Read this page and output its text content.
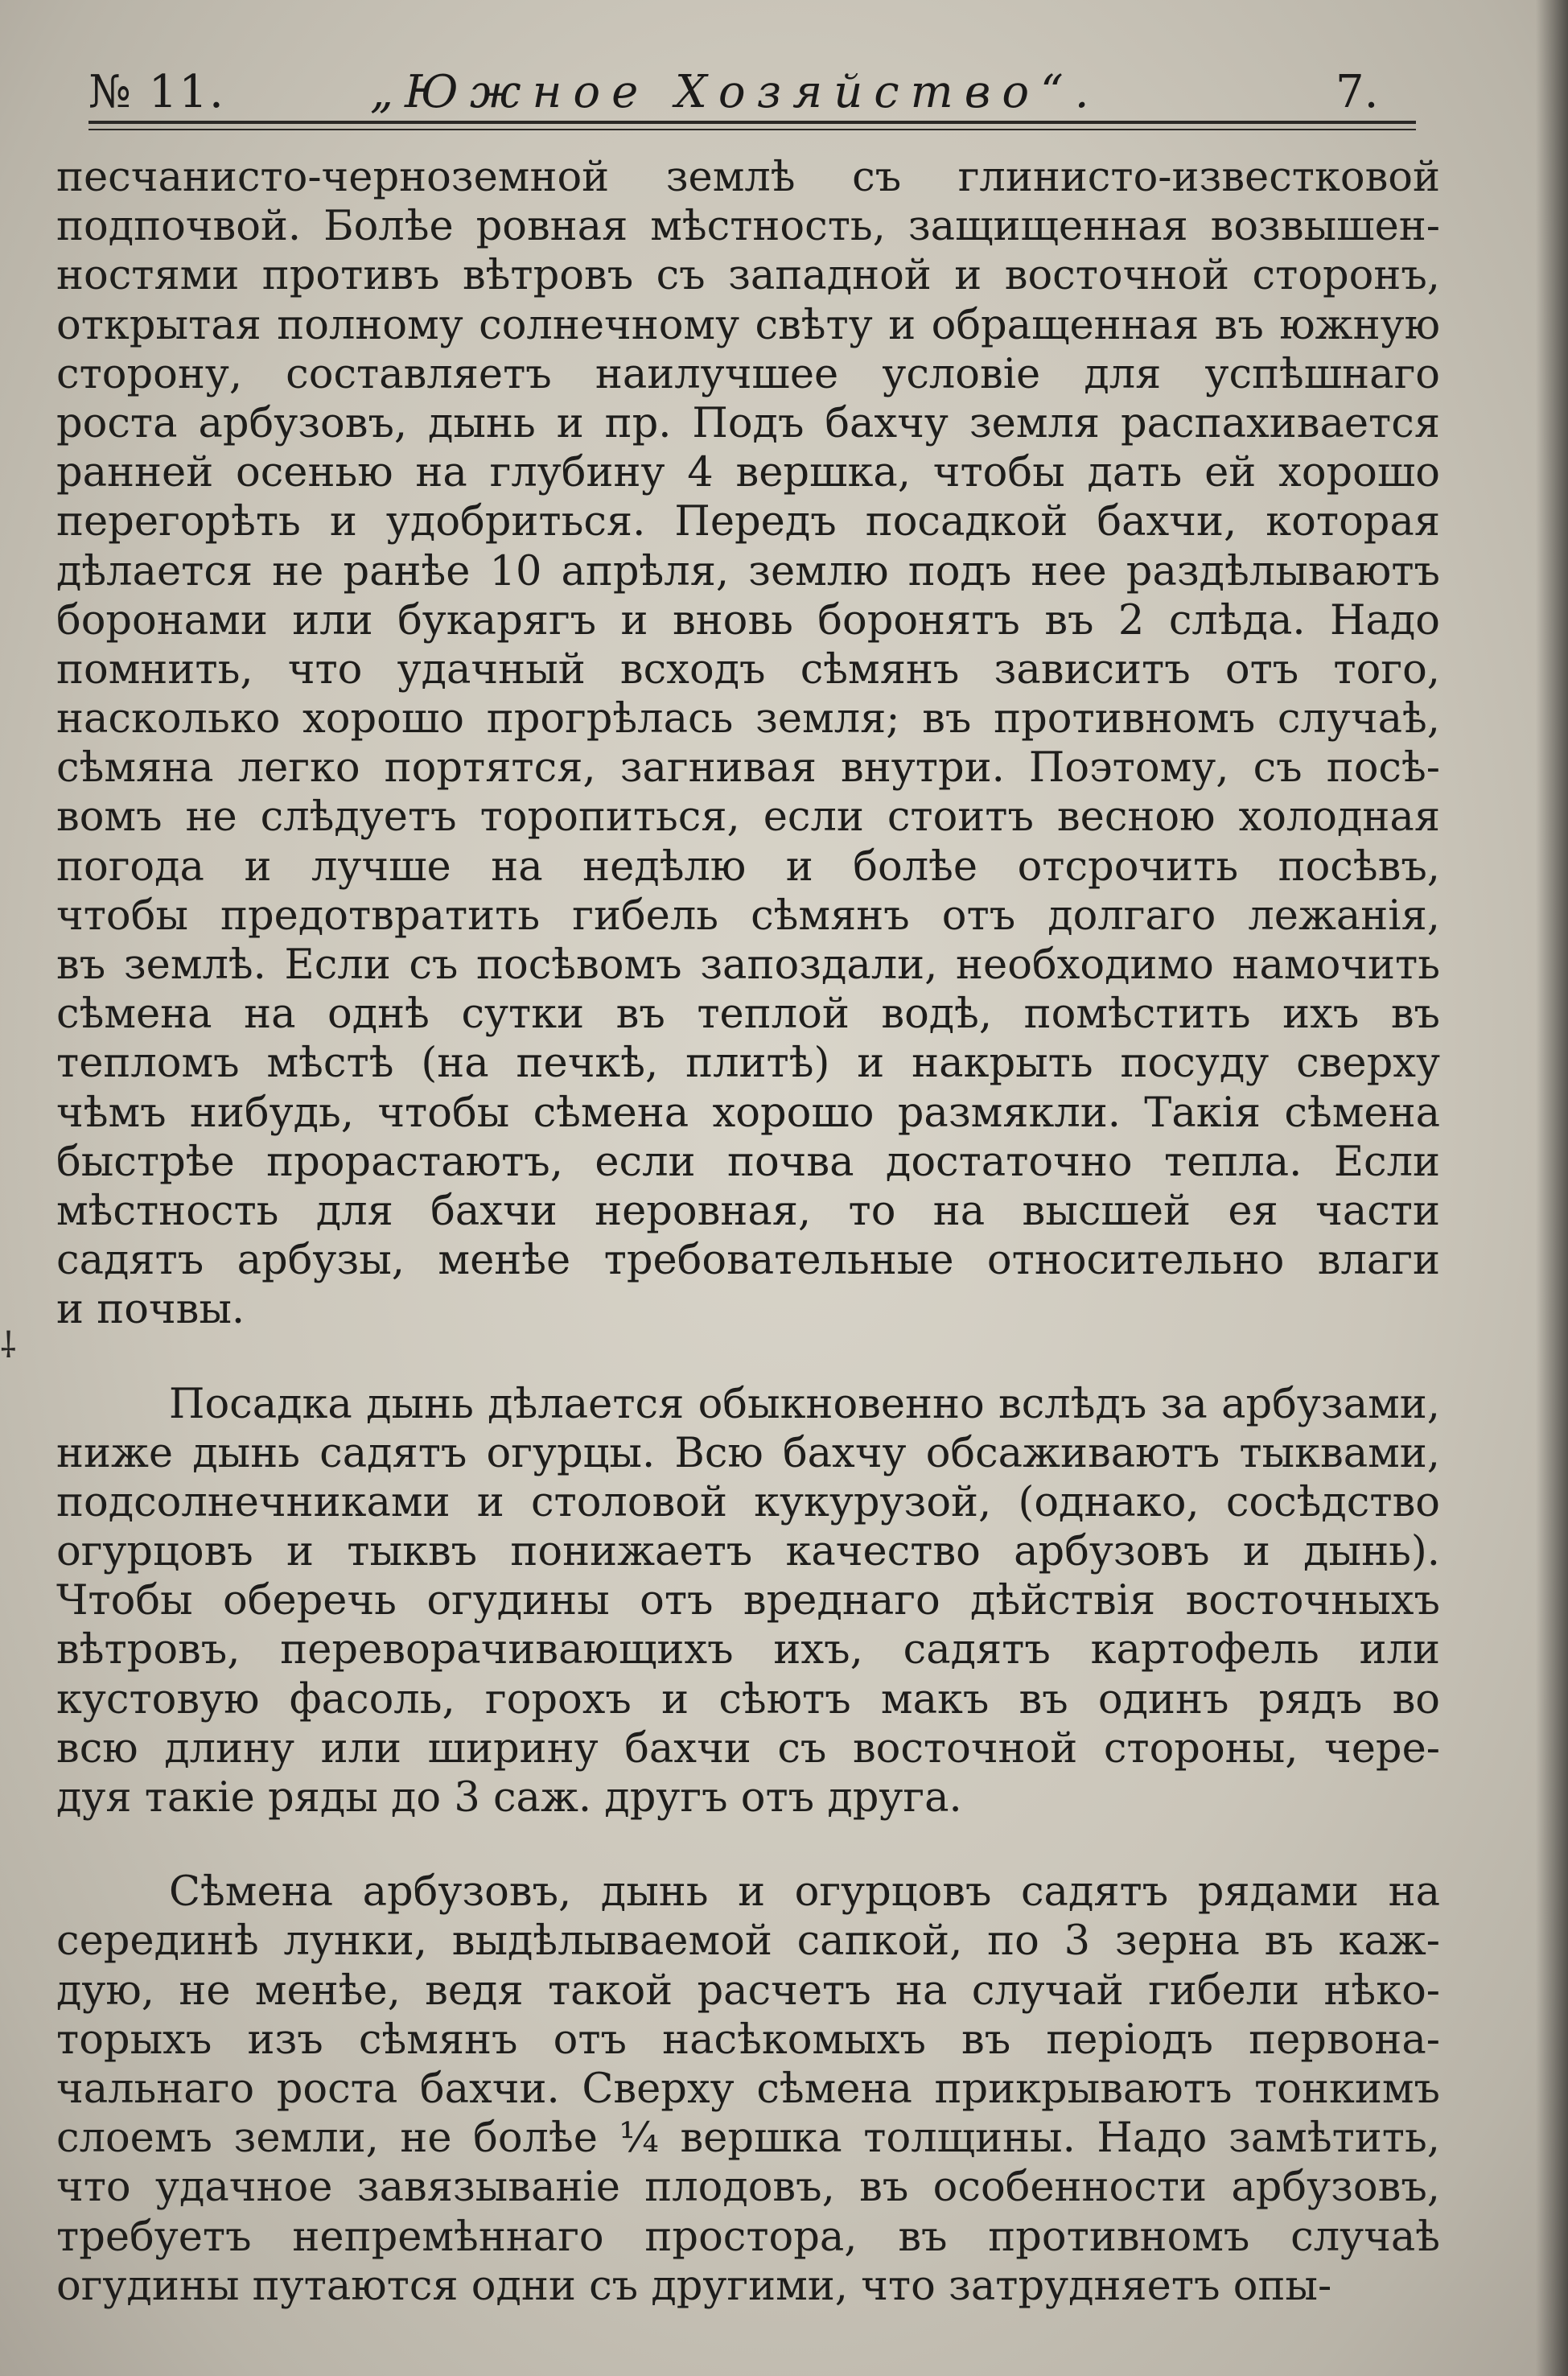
№ 11.	„Южное Хозяйство“.	7.
⸸
песчанисто-черноземной землѣ съ глинисто-известковой
подпочвой. Болѣе ровная мѣстность, защищенная возвышен-
ностями противъ вѣтровъ съ западной и восточной сторонъ,
открытая полному солнечному свѣту и обращенная въ южную
сторону, составляетъ наилучшее условіе для успѣшнаго
роста арбузовъ, дынь и пр. Подъ бахчу земля распахивается
ранней осенью на глубину 4 вершка, чтобы дать ей хорошо
перегорѣть и удобриться. Передъ посадкой бахчи, которая
дѣлается не ранѣе 10 апрѣля, землю подъ нее раздѣлываютъ
боронами или букарягъ и вновь боронятъ въ 2 слѣда. Надо
помнить, что удачный всходъ сѣмянъ зависитъ отъ того,
насколько хорошо прогрѣлась земля; въ противномъ случаѣ,
сѣмяна легко портятся, загнивая внутри. Поэтому, съ посѣ-
вомъ не слѣдуетъ торопиться, если стоитъ весною холодная
погода и лучше на недѣлю и болѣе отсрочить посѣвъ,
чтобы предотвратить гибель сѣмянъ отъ долгаго лежанія,
въ землѣ. Если съ посѣвомъ запоздали, необходимо намочить
сѣмена на однѣ сутки въ теплой водѣ, помѣстить ихъ въ
тепломъ мѣстѣ (на печкѣ, плитѣ) и накрыть посуду сверху
чѣмъ нибудь, чтобы сѣмена хорошо размякли. Такія сѣмена
быстрѣе прорастаютъ, если почва достаточно тепла. Если
мѣстность для бахчи неровная, то на высшей ея части
садятъ арбузы, менѣе требовательные относительно влаги
и почвы.
Посадка дынь дѣлается обыкновенно вслѣдъ за арбузами,
ниже дынь садятъ огурцы. Всю бахчу обсаживаютъ тыквами,
подсолнечниками и столовой кукурузой, (однако, сосѣдство
огурцовъ и тыквъ понижаетъ качество арбузовъ и дынь).
Чтобы оберечь огудины отъ вреднаго дѣйствія восточныхъ
вѣтровъ, переворачивающихъ ихъ, садятъ картофель или
кустовую фасоль, горохъ и сѣютъ макъ въ одинъ рядъ во
всю длину или ширину бахчи съ восточной стороны, чере-
дуя такіе ряды до 3 саж. другъ отъ друга.
Сѣмена арбузовъ, дынь и огурцовъ садятъ рядами на
серединѣ лунки, выдѣлываемой сапкой, по 3 зерна въ каж-
дую, не менѣе, ведя такой расчетъ на случай гибели нѣко-
торыхъ изъ сѣмянъ отъ насѣкомыхъ въ періодъ первона-
чальнаго роста бахчи. Сверху сѣмена прикрываютъ тонкимъ
слоемъ земли, не болѣе ¼ вершка толщины. Надо замѣтить,
что удачное завязываніе плодовъ, въ особенности арбузовъ,
требуетъ непремѣннаго простора, въ противномъ случаѣ
огудины путаются одни съ другими, что затрудняетъ опы-
